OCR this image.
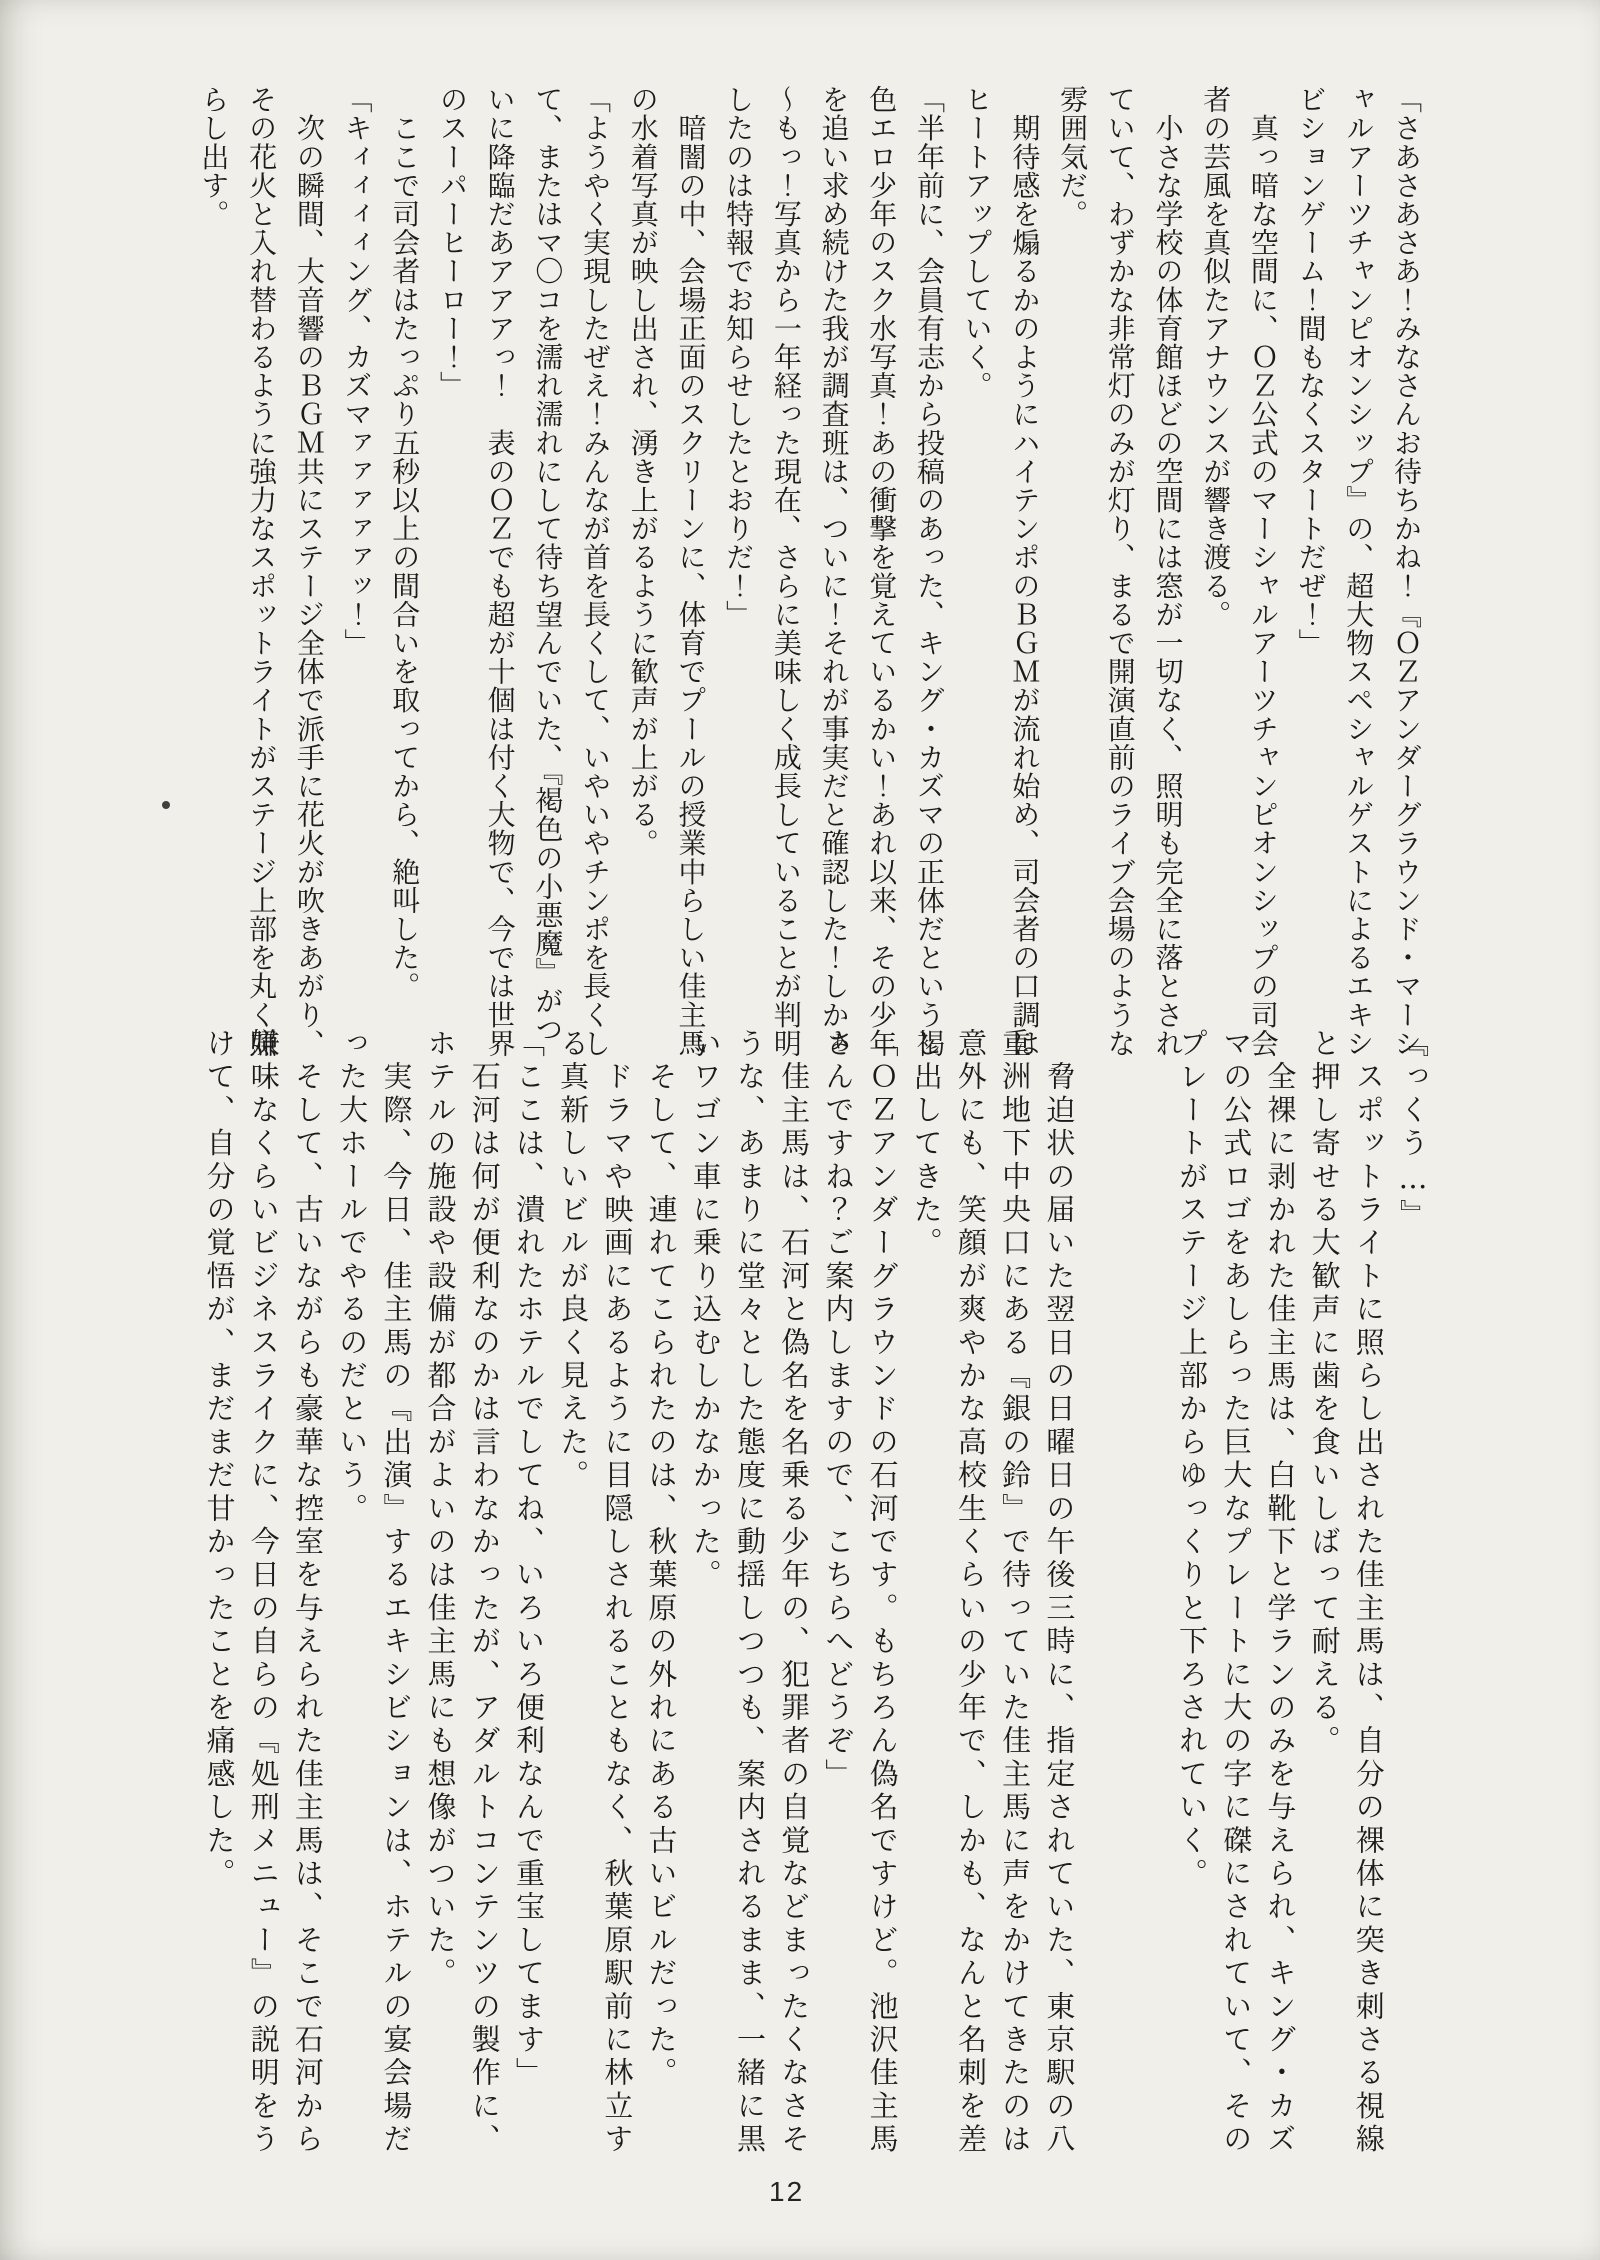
「さあさあさあ！みなさんお待ちかね！『ＯＺアンダーグラウンド・マーシ
ャルアーツチャンピオンシップ』の、超大物スペシャルゲストによるエキシ
ビションゲーム！間もなくスタートだぜ！」
　真っ暗な空間に、ＯＺ公式のマーシャルアーツチャンピオンシップの司会
者の芸風を真似たアナウンスが響き渡る。
　小さな学校の体育館ほどの空間には窓が一切なく、照明も完全に落とされ
ていて、わずかな非常灯のみが灯り、まるで開演直前のライブ会場のような
雰囲気だ。
　期待感を煽るかのようにハイテンポのＢＧＭが流れ始め、司会者の口調は
ヒートアップしていく。
「半年前に、会員有志から投稿のあった、キング・カズマの正体だという褐
色エロ少年のスク水写真！あの衝撃を覚えているかい！あれ以来、その少年
を追い求め続けた我が調査班は、ついに！それが事実だと確認した！しかぁ
〜もっ！写真から一年経った現在、さらに美味しく成長していることが判明
したのは特報でお知らせしたとおりだ！」
　暗闇の中、会場正面のスクリーンに、体育でプールの授業中らしい佳主馬
の水着写真が映し出され、湧き上がるように歓声が上がる。
「ようやく実現したぜえ！みんなが首を長くして、いやいやチンポを長くし
て、またはマ〇コを濡れ濡れにして待ち望んでいた、『褐色の小悪魔』がつ
いに降臨だあアアアっ！　表のＯＺでも超が十個は付く大物で、今では世界
のスーパーヒーロー！」
　ここで司会者はたっぷり五秒以上の間合いを取ってから、絶叫した。
「キィィィィング、カズマァァァァァッ！」
　次の瞬間、大音響のＢＧＭ共にステージ全体で派手に花火が吹きあがり、
その花火と入れ替わるように強力なスポットライトがステージ上部を丸く照
らし出す。
『っくう…』
　スポットライトに照らし出された佳主馬は、自分の裸体に突き刺さる視線
と押し寄せる大歓声に歯を食いしばって耐える。
　全裸に剥かれた佳主馬は、白靴下と学ランのみを与えられ、キング・カズ
マの公式ロゴをあしらった巨大なプレートに大の字に磔にされていて、その
プレートがステージ上部からゆっくりと下ろされていく。
　脅迫状の届いた翌日の日曜日の午後三時に、指定されていた、東京駅の八
重洲地下中央口にある『銀の鈴』で待っていた佳主馬に声をかけてきたのは
意外にも、笑顔が爽やかな高校生くらいの少年で、しかも、なんと名刺を差
し出してきた。
「ＯＺアンダーグラウンドの石河です。もちろん偽名ですけど。池沢佳主馬
さんですね？ご案内しますので、こちらへどうぞ」
　佳主馬は、石河と偽名を名乗る少年の、犯罪者の自覚などまったくなさそ
うな、あまりに堂々とした態度に動揺しつつも、案内されるまま、一緒に黒
いワゴン車に乗り込むしかなかった。
　そして、連れてこられたのは、秋葉原の外れにある古いビルだった。
　ドラマや映画にあるように目隠しされることもなく、秋葉原駅前に林立す
る真新しいビルが良く見えた。
「ここは、潰れたホテルでしてね、いろいろ便利なんで重宝してます」
　石河は何が便利なのかは言わなかったが、アダルトコンテンツの製作に、
ホテルの施設や設備が都合がよいのは佳主馬にも想像がついた。
　実際、今日、佳主馬の『出演』するエキシビションは、ホテルの宴会場だ
った大ホールでやるのだという。
　そして、古いながらも豪華な控室を与えられた佳主馬は、そこで石河から
嫌味なくらいビジネスライクに、今日の自らの『処刑メニュー』の説明をう
けて、自分の覚悟が、まだまだ甘かったことを痛感した。
12
